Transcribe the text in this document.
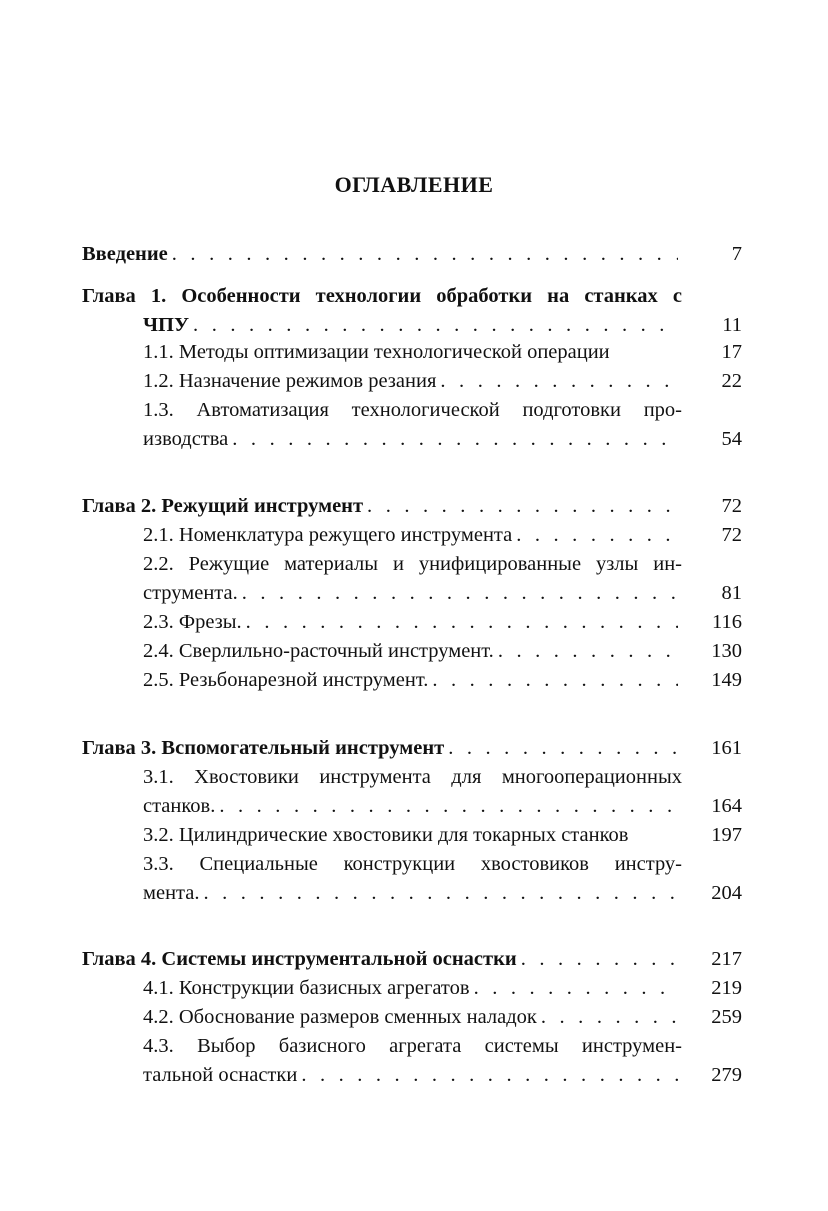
ОГЛАВЛЕНИЕ
Введение . . .	7
Глава 1. Особенности технологии обработки на станках с
ЧПУ . . .	11
1.1. Методы оптимизации технологической операции	17
1.2. Назначение режимов резания . . .	22
1.3. Автоматизация технологической подготовки про-
изводства . . .	54
Глава 2. Режущий инструмент . . .	72
2.1. Номенклатура режущего инструмента . . .	72
2.2. Режущие материалы и унифицированные узлы ин-
струмента. . . .	81
2.3. Фрезы. . . .	116
2.4. Сверлильно-расточный инструмент. . . .	130
2.5. Резьбонарезной инструмент. . . .	149
Глава 3. Вспомогательный инструмент . . .	161
3.1. Хвостовики инструмента для многооперационных
станков. . . .	164
3.2. Цилиндрические хвостовики для токарных станков	197
3.3. Специальные конструкции хвостовиков инстру-
мента. . . .	204
Глава 4. Системы инструментальной оснастки . . .	217
4.1. Конструкции базисных агрегатов . . .	219
4.2. Обоснование размеров сменных наладок . . .	259
4.3. Выбор базисного агрегата системы инструмен-
тальной оснастки . . .	279
